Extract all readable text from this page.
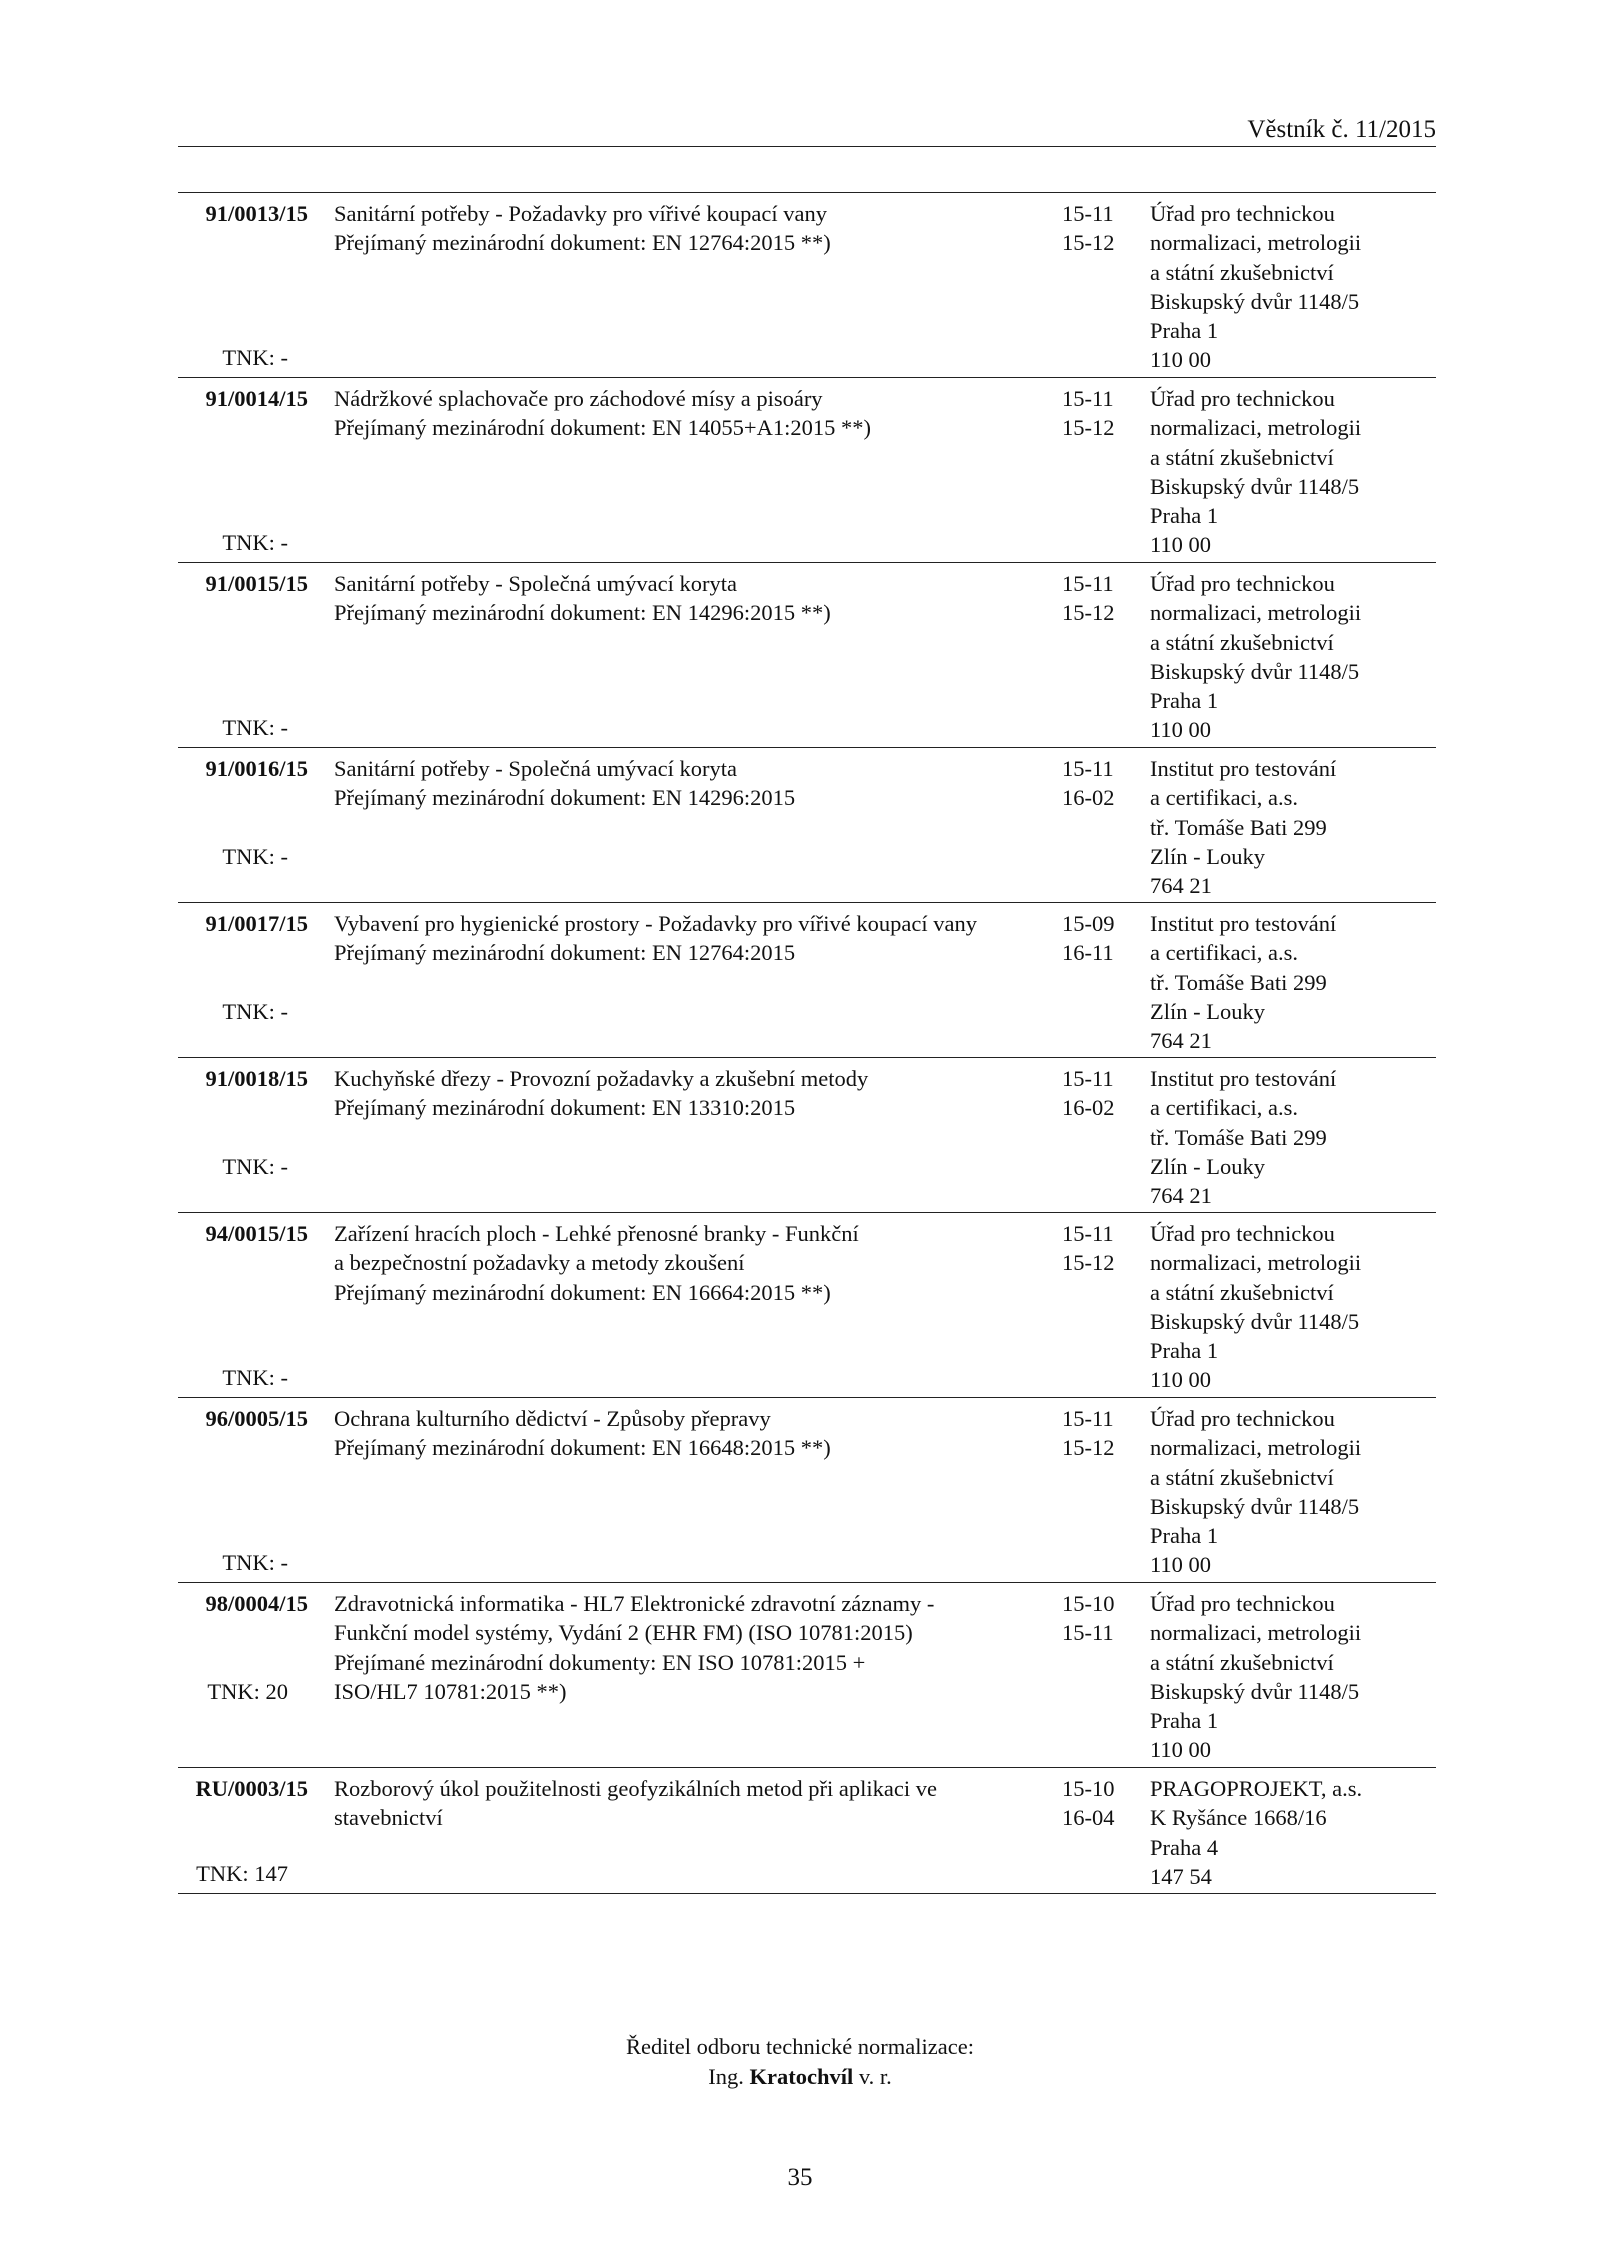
Věstník č. 11/2015
91/0013/15
TNK: -
Sanitární potřeby - Požadavky pro vířivé koupací vany
Přejímaný mezinárodní dokument: EN 12764:2015 **)
15-11
15-12
Úřad pro technickou
normalizaci, metrologii
a státní zkušebnictví
Biskupský dvůr 1148/5
Praha 1
110 00
91/0014/15
TNK: -
Nádržkové splachovače pro záchodové mísy a pisoáry
Přejímaný mezinárodní dokument: EN 14055+A1:2015 **)
15-11
15-12
Úřad pro technickou
normalizaci, metrologii
a státní zkušebnictví
Biskupský dvůr 1148/5
Praha 1
110 00
91/0015/15
TNK: -
Sanitární potřeby - Společná umývací koryta
Přejímaný mezinárodní dokument: EN 14296:2015 **)
15-11
15-12
Úřad pro technickou
normalizaci, metrologii
a státní zkušebnictví
Biskupský dvůr 1148/5
Praha 1
110 00
91/0016/15
TNK: -
Sanitární potřeby - Společná umývací koryta
Přejímaný mezinárodní dokument: EN 14296:2015
15-11
16-02
Institut pro testování
a certifikaci, a.s.
tř. Tomáše Bati 299
Zlín - Louky
764 21
91/0017/15
TNK: -
Vybavení pro hygienické prostory - Požadavky pro vířivé koupací vany
Přejímaný mezinárodní dokument: EN 12764:2015
15-09
16-11
Institut pro testování
a certifikaci, a.s.
tř. Tomáše Bati 299
Zlín - Louky
764 21
91/0018/15
TNK: -
Kuchyňské dřezy - Provozní požadavky a zkušební metody
Přejímaný mezinárodní dokument: EN 13310:2015
15-11
16-02
Institut pro testování
a certifikaci, a.s.
tř. Tomáše Bati 299
Zlín - Louky
764 21
94/0015/15
TNK: -
Zařízení hracích ploch - Lehké přenosné branky - Funkční
a bezpečnostní požadavky a metody zkoušení
Přejímaný mezinárodní dokument: EN 16664:2015 **)
15-11
15-12
Úřad pro technickou
normalizaci, metrologii
a státní zkušebnictví
Biskupský dvůr 1148/5
Praha 1
110 00
96/0005/15
TNK: -
Ochrana kulturního dědictví - Způsoby přepravy
Přejímaný mezinárodní dokument: EN 16648:2015 **)
15-11
15-12
Úřad pro technickou
normalizaci, metrologii
a státní zkušebnictví
Biskupský dvůr 1148/5
Praha 1
110 00
98/0004/15
TNK: 20
Zdravotnická informatika - HL7 Elektronické zdravotní záznamy -
Funkční model systémy, Vydání 2 (EHR FM) (ISO 10781:2015)
Přejímané mezinárodní dokumenty: EN ISO 10781:2015 +
ISO/HL7 10781:2015 **)
15-10
15-11
Úřad pro technickou
normalizaci, metrologii
a státní zkušebnictví
Biskupský dvůr 1148/5
Praha 1
110 00
RU/0003/15
TNK: 147
Rozborový úkol použitelnosti geofyzikálních metod při aplikaci ve
stavebnictví
15-10
16-04
PRAGOPROJEKT, a.s.
K Ryšánce 1668/16
Praha 4
147 54
Ředitel odboru technické normalizace:
Ing. Kratochvíl v. r.
35
